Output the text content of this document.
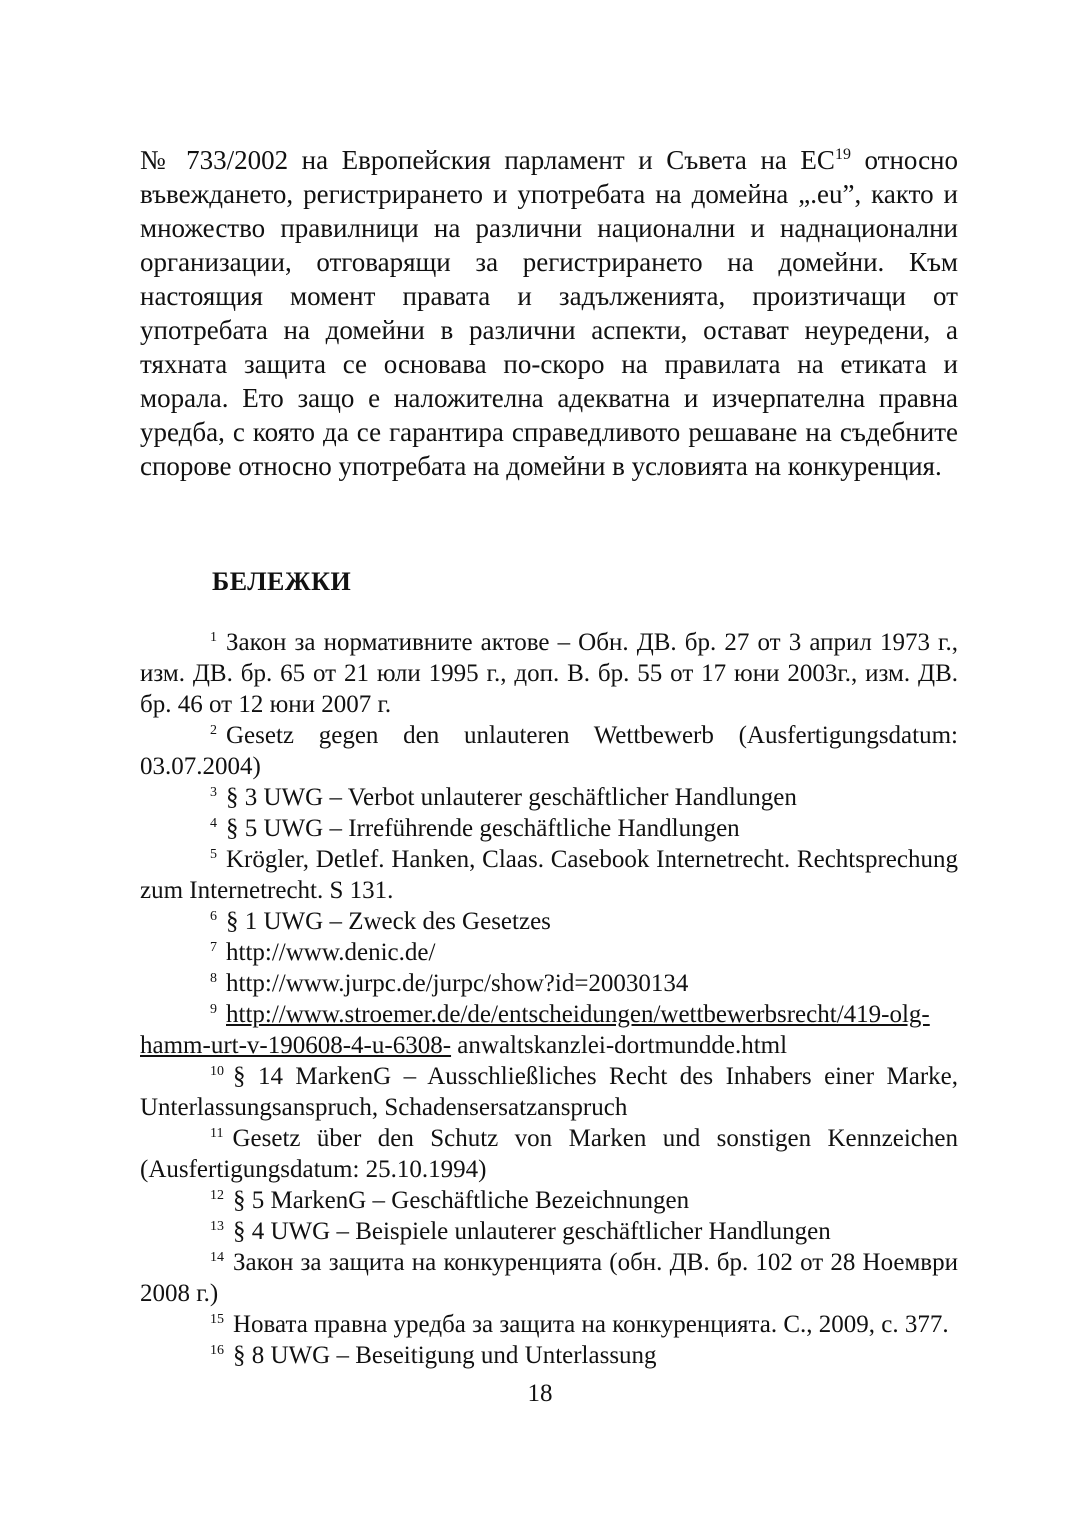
№ 733/2002 на Европейския парламент и Съвета на ЕС$^{19}$ относно въвеждането, регистрирането и употребата на домейна „.eu”, както и множество правилници на различни национални и наднационални организации, отговарящи за регистрирането на домейни. Към настоящия момент правата и задълженията, произтичащи от употребата на домейни в различни аспекти, остават неуредени, а тяхната защита се основава по-скоро на правилата на етиката и морала. Ето защо е наложителна адекватна и изчерпателна правна уредба, с която да се гарантира справедливото решаване на съдебните спорове относно употребата на домейни в условията на конкуренция.

БЕЛЕЖКИ

$^1$ Закон за нормативните актове – Обн. ДВ. бр. 27 от 3 април 1973 г., изм. ДВ. бр. 65 от 21 юли 1995 г., доп. В. бр. 55 от 17 юни 2003г., изм. ДВ. бр. 46 от 12 юни 2007 г.

$^2$ Gesetz gegen den unlauteren Wettbewerb (Ausfertigungsdatum: 03.07.2004)

$^3$ § 3 UWG – Verbot unlauterer geschäftlicher Handlungen

$^4$ § 5 UWG – Irreführende geschäftliche Handlungen

$^5$ Krögler, Detlef. Hanken, Claas. Casebook Internetrecht. Rechtsprechung zum Internetrecht. S 131.

$^6$ § 1 UWG – Zweck des Gesetzes

$^7$ http://www.denic.de/

$^8$ http://www.jurpc.de/jurpc/show?id=20030134

$^9$ http://www.stroemer.de/de/entscheidungen/wettbewerbsrecht/419-olg-hamm-urt-v-190608-4-u-6308- anwaltskanzlei-dortmundde.html

$^{10}$ § 14 MarkenG – Ausschließliches Recht des Inhabers einer Marke, Unterlassungsanspruch, Schadensersatzanspruch

$^{11}$ Gesetz über den Schutz von Marken und sonstigen Kennzeichen (Ausfertigungsdatum: 25.10.1994)

$^{12}$ § 5 MarkenG – Geschäftliche Bezeichnungen

$^{13}$ § 4 UWG – Beispiele unlauterer geschäftlicher Handlungen

$^{14}$ Закон за защита на конкуренцията (обн. ДВ. бр. 102 от 28 Ноември 2008 г.)

$^{15}$ Новата правна уредба за защита на конкуренцията. С., 2009, с. 377.

$^{16}$ § 8 UWG – Beseitigung und Unterlassung

18
